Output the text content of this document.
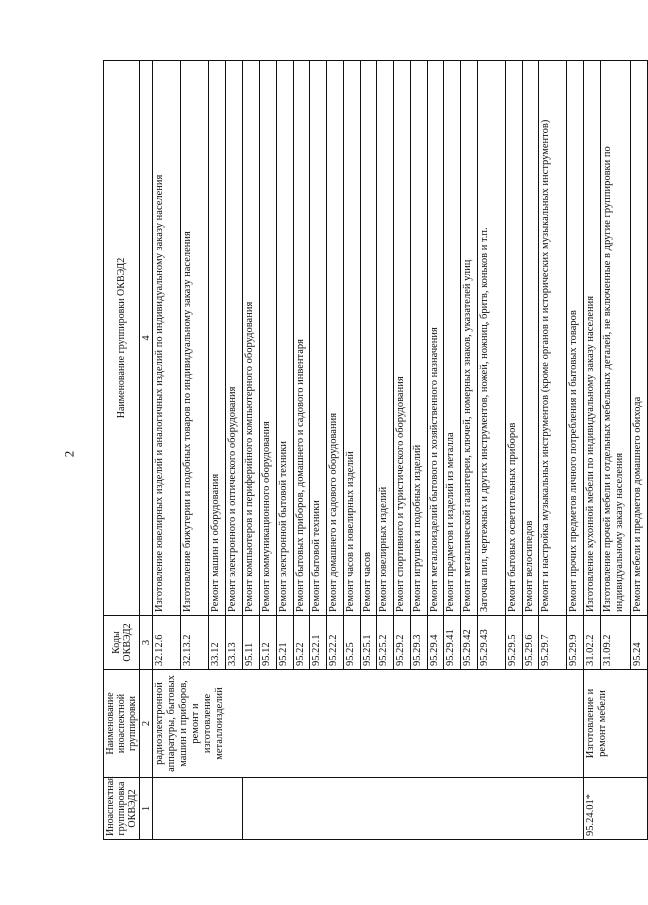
2
Иноаспектная группировка ОКВЭД2	Наименование иноаспектной группировки	Коды ОКВЭД2	Наименование группировки ОКВЭД2
1	2	3	4
	радиоэлектронной аппаратуры, бытовых машин и приборов, ремонт и изготовление металлоизделий	32.12.6	Изготовление ювелирных изделий и аналогичных изделий по индивидуальному заказу населения
		32.13.2	Изготовление бижутерии и подобных товаров по индивидуальному заказу населения
		33.12	Ремонт машин и оборудования
		33.13	Ремонт электронного и оптического оборудования
		95.11	Ремонт компьютеров и периферийного компьютерного оборудования
		95.12	Ремонт коммуникационного оборудования
		95.21	Ремонт электронной бытовой техники
		95.22	Ремонт бытовых приборов, домашнего и садового инвентаря
		95.22.1	Ремонт бытовой техники
		95.22.2	Ремонт домашнего и садового оборудования
		95.25	Ремонт часов и ювелирных изделий
		95.25.1	Ремонт часов
		95.25.2	Ремонт ювелирных изделий
		95.29.2	Ремонт спортивного и туристического оборудования
		95.29.3	Ремонт игрушек и подобных изделий
		95.29.4	Ремонт металлоизделий бытового и хозяйственного назначения
		95.29.41	Ремонт предметов и изделий из металла
		95.29.42	Ремонт металлической галантереи, ключей, номерных знаков, указателей улиц
		95.29.43	Заточка пил, чертежных и других инструментов, ножей, ножниц, бритв, коньков и т.п.
		95.29.5	Ремонт бытовых осветительных приборов
		95.29.6	Ремонт велосипедов
		95.29.7	Ремонт и настройка музыкальных инструментов (кроме органов и исторических музыкальных инструментов)
		95.29.9	Ремонт прочих предметов личного потребления и бытовых товаров
95.24.01*	Изготовление и ремонт мебели	31.02.2	Изготовление кухонной мебели по индивидуальному заказу населения
		31.09.2	Изготовление прочей мебели и отдельных мебельных деталей, не включенные в другие группировки по индивидуальному заказу населения
		95.24	Ремонт мебели и предметов домашнего обихода
